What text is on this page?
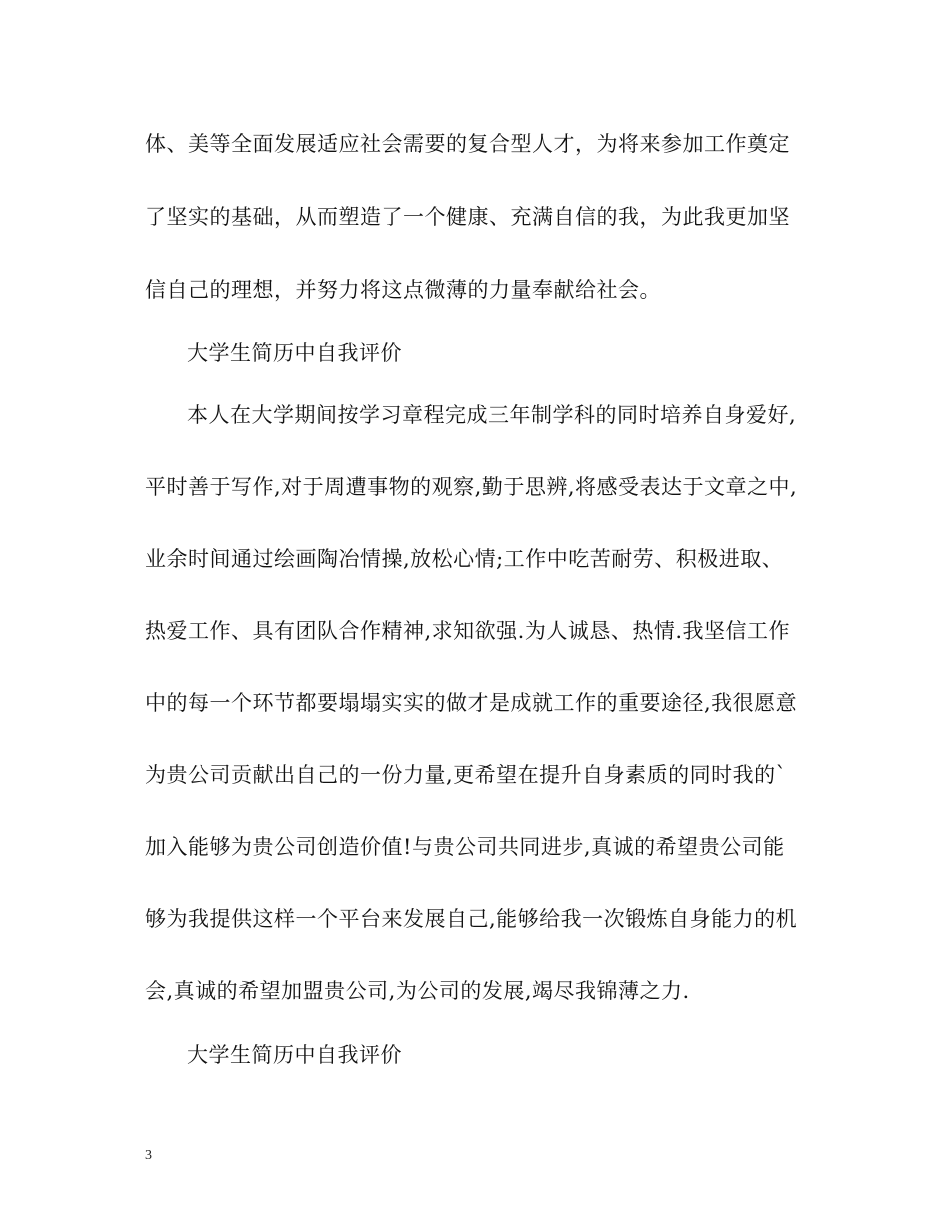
体、美等全面发展适应社会需要的复合型人才，为将来参加工作奠定
了坚实的基础，从而塑造了一个健康、充满自信的我，为此我更加坚
信自己的理想，并努力将这点微薄的力量奉献给社会。
大学生简历中自我评价
本人在大学期间按学习章程完成三年制学科的同时培养自身爱好,
平时善于写作,对于周遭事物的观察,勤于思辨,将感受表达于文章之中,
业余时间通过绘画陶冶情操,放松心情;工作中吃苦耐劳、积极进取、
热爱工作、具有团队合作精神,求知欲强.为人诚恳、热情.我坚信工作
中的每一个环节都要塌塌实实的做才是成就工作的重要途径,我很愿意
为贵公司贡献出自己的一份力量,更希望在提升自身素质的同时我的`
加入能够为贵公司创造价值!与贵公司共同进步,真诚的希望贵公司能
够为我提供这样一个平台来发展自己,能够给我一次锻炼自身能力的机
会,真诚的希望加盟贵公司,为公司的发展,竭尽我锦薄之力.
大学生简历中自我评价
3
